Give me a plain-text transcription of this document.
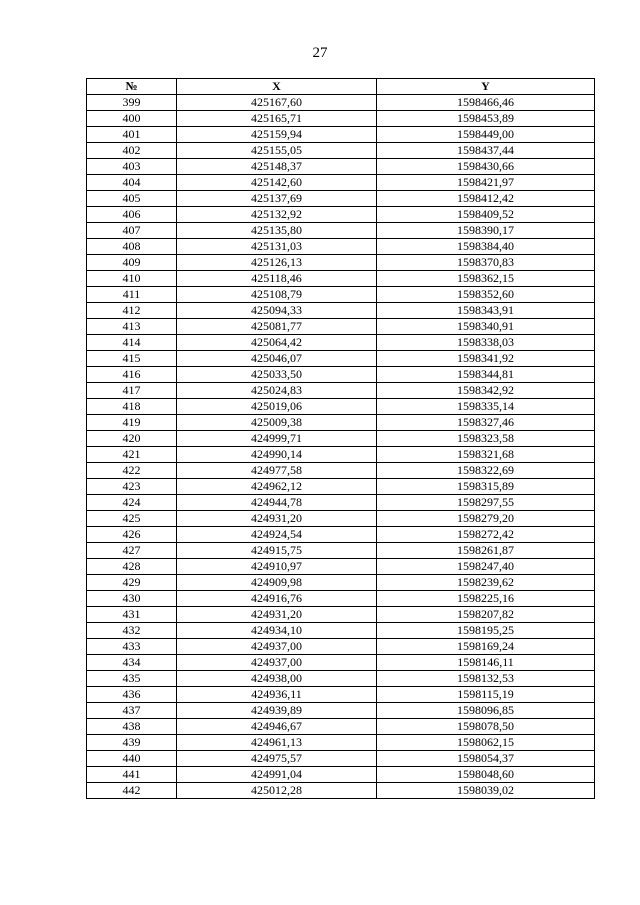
27
№	X	Y
399	425167,60	1598466,46
400	425165,71	1598453,89
401	425159,94	1598449,00
402	425155,05	1598437,44
403	425148,37	1598430,66
404	425142,60	1598421,97
405	425137,69	1598412,42
406	425132,92	1598409,52
407	425135,80	1598390,17
408	425131,03	1598384,40
409	425126,13	1598370,83
410	425118,46	1598362,15
411	425108,79	1598352,60
412	425094,33	1598343,91
413	425081,77	1598340,91
414	425064,42	1598338,03
415	425046,07	1598341,92
416	425033,50	1598344,81
417	425024,83	1598342,92
418	425019,06	1598335,14
419	425009,38	1598327,46
420	424999,71	1598323,58
421	424990,14	1598321,68
422	424977,58	1598322,69
423	424962,12	1598315,89
424	424944,78	1598297,55
425	424931,20	1598279,20
426	424924,54	1598272,42
427	424915,75	1598261,87
428	424910,97	1598247,40
429	424909,98	1598239,62
430	424916,76	1598225,16
431	424931,20	1598207,82
432	424934,10	1598195,25
433	424937,00	1598169,24
434	424937,00	1598146,11
435	424938,00	1598132,53
436	424936,11	1598115,19
437	424939,89	1598096,85
438	424946,67	1598078,50
439	424961,13	1598062,15
440	424975,57	1598054,37
441	424991,04	1598048,60
442	425012,28	1598039,02
